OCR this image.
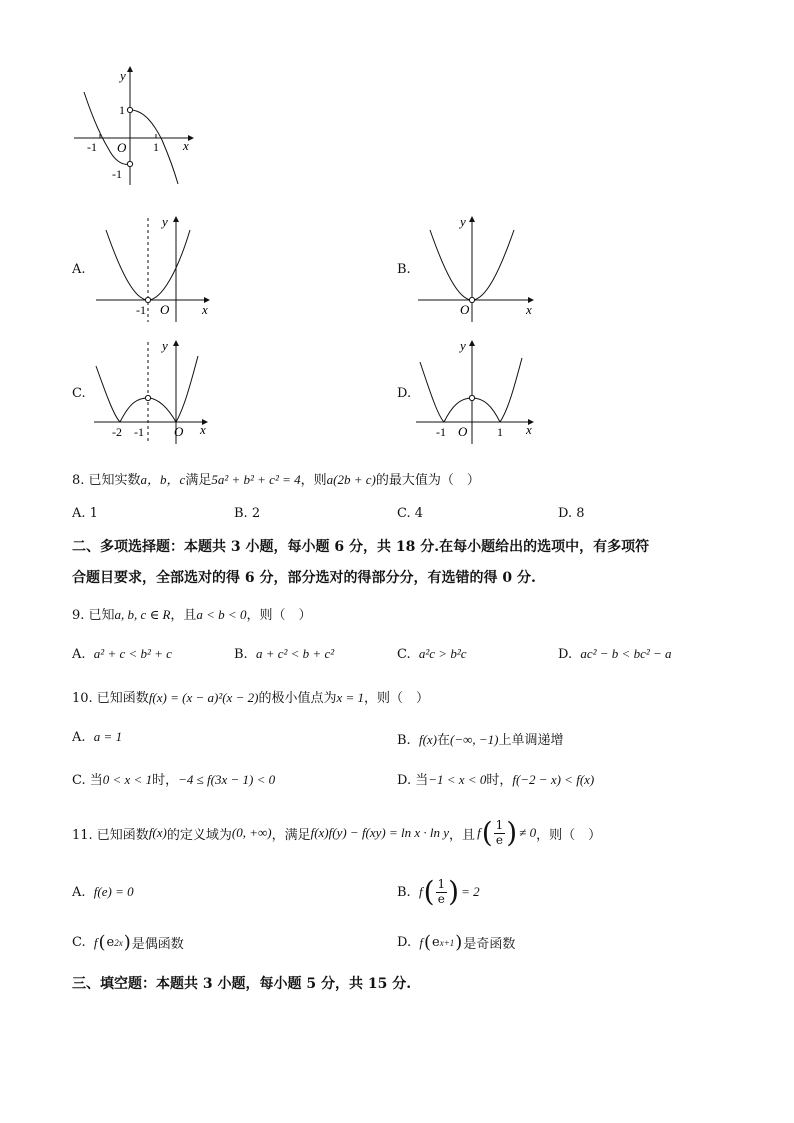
x
y
O
-1	1
1
-1
A.
x
y
O
-1
B.
x
y
O
C.
x
y
O
-2 -1
D.
x
y
O
-1	1
8. 已知实数a，b，c满足5a² + b² + c² = 4，则a(2b + c)的最大值为（　）
A. 1	B. 2	C. 4	D. 8
二、多项选择题：本题共 3 小题，每小题 6 分，共 18 分.在每小题给出的选项中，有多项符
合题目要求，全部选对的得 6 分，部分选对的得部分分，有选错的得 0 分.
9. 已知a, b, c ∈ R，且a < b < 0，则（　）
A. a² + c < b² + c	B. a + c² < b + c²	C. a²c > b²c	D. ac² − b < bc² − a
10. 已知函数f(x) = (x − a)²(x − 2)的极小值点为x = 1，则（　）
A. a = 1	B. f(x)在(−∞, −1)上单调递增
C. 当0 < x < 1时，−4 ≤ f(3x − 1) < 0	D. 当−1 < x < 0时，f(−2 − x) < f(x)
11. 已知函数 f(x) 的定义域为 (0, +∞) ，满足 f(x)f(y) − f(xy) = ln x · ln y ，且 f ( $\frac{1}{e}$ ) ≠ 0 ，则（　）
A. f(e) = 0	B.
f ( $\frac{1}{e}$ ) = 2
C.
f ( e 2x ) 是偶函数	D.
f ( e x+1 ) 是奇函数
三、填空题：本题共 3 小题，每小题 5 分，共 15 分.
